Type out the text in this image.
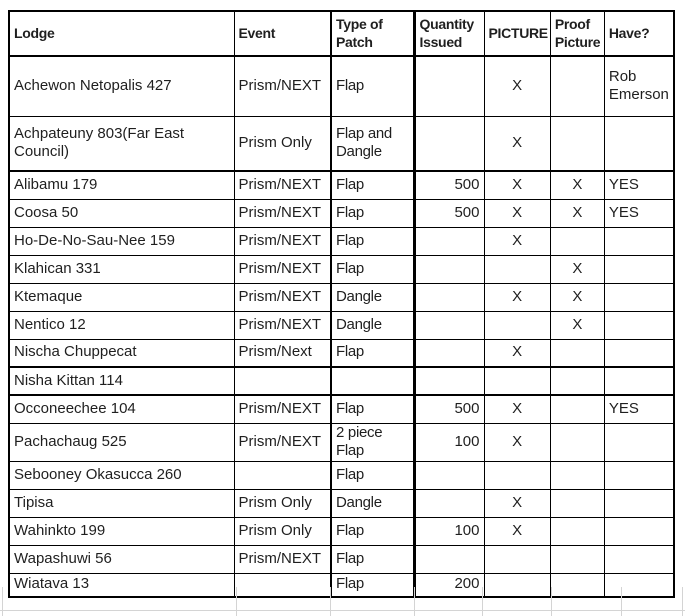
Lodge	Event	Type of Patch	Quantity Issued	PICTURE	Proof Picture	Have?
Achewon Netopalis 427	Prism/NEXT	Flap		X		Rob Emerson
Achpateuny 803(Far East Council)	Prism Only	Flap and Dangle		X		
Alibamu 179	Prism/NEXT	Flap	500	X	X	YES
Coosa 50	Prism/NEXT	Flap	500	X	X	YES
Ho-De-No-Sau-Nee 159	Prism/NEXT	Flap		X		
Klahican 331	Prism/NEXT	Flap			X	
Ktemaque	Prism/NEXT	Dangle		X	X	
Nentico 12	Prism/NEXT	Dangle			X	
Nischa Chuppecat	Prism/Next	Flap		X		
Nisha Kittan 114						
Occoneechee 104	Prism/NEXT	Flap	500	X		YES
Pachachaug 525	Prism/NEXT	2 piece Flap	100	X		
Sebooney Okasucca 260		Flap				
Tipisa	Prism Only	Dangle		X		
Wahinkto 199	Prism Only	Flap	100	X		
Wapashuwi 56	Prism/NEXT	Flap				
Wiatava 13		Flap	200			
